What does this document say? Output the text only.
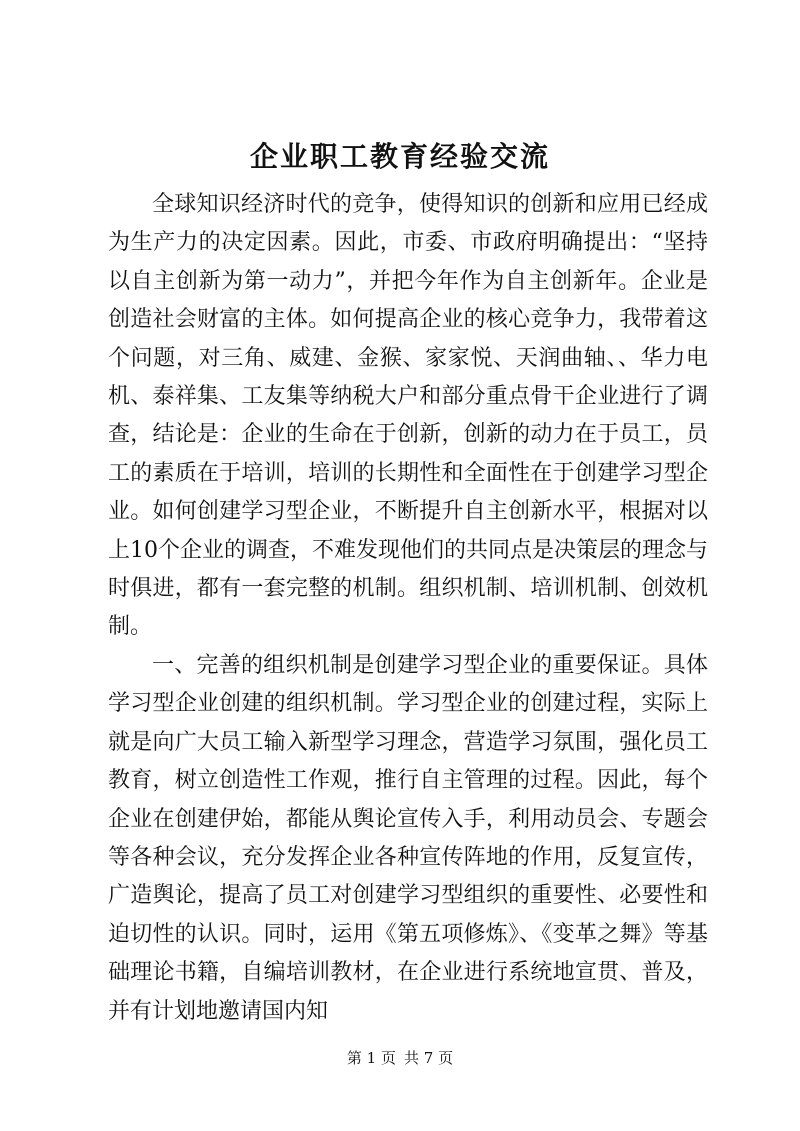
企业职工教育经验交流

全球知识经济时代的竞争，使得知识的创新和应用已经成为生产力的决定因素。因此，市委、市政府明确提出：“坚持以自主创新为第一动力”，并把今年作为自主创新年。企业是创造社会财富的主体。如何提高企业的核心竞争力，我带着这个问题，对三角、威建、金猴、家家悦、天润曲轴、、华力电机、泰祥集、工友集等纳税大户和部分重点骨干企业进行了调查，结论是：企业的生命在于创新，创新的动力在于员工，员工的素质在于培训，培训的长期性和全面性在于创建学习型企业。如何创建学习型企业，不断提升自主创新水平，根据对以上10个企业的调查，不难发现他们的共同点是决策层的理念与时俱进，都有一套完整的机制。组织机制、培训机制、创效机制。

一、完善的组织机制是创建学习型企业的重要保证。具体学习型企业创建的组织机制。学习型企业的创建过程，实际上就是向广大员工输入新型学习理念，营造学习氛围，强化员工教育，树立创造性工作观，推行自主管理的过程。因此，每个企业在创建伊始，都能从舆论宣传入手，利用动员会、专题会等各种会议，充分发挥企业各种宣传阵地的作用，反复宣传，广造舆论，提高了员工对创建学习型组织的重要性、必要性和迫切性的认识。同时，运用《第五项修炼》、《变革之舞》等基础理论书籍，自编培训教材，在企业进行系统地宣贯、普及，并有计划地邀请国内知

第 1 页 共 7 页
